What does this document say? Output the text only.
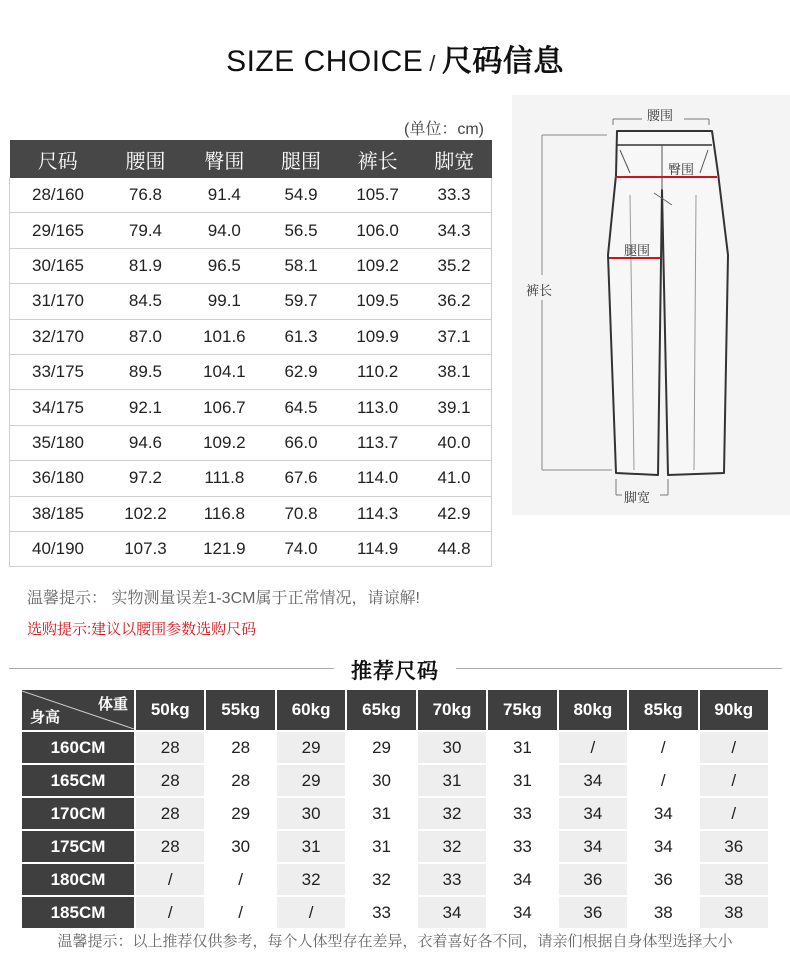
SIZE CHOICE / 尺码信息
(单位：cm)
尺码	腰围	臀围	腿围	裤长	脚宽
28/160	76.8	91.4	54.9	105.7	33.3
29/165	79.4	94.0	56.5	106.0	34.3
30/165	81.9	96.5	58.1	109.2	35.2
31/170	84.5	99.1	59.7	109.5	36.2
32/170	87.0	101.6	61.3	109.9	37.1
33/175	89.5	104.1	62.9	110.2	38.1
34/175	92.1	106.7	64.5	113.0	39.1
35/180	94.6	109.2	66.0	113.7	40.0
36/180	97.2	111.8	67.6	114.0	41.0
38/185	102.2	116.8	70.8	114.3	42.9
40/190	107.3	121.9	74.0	114.9	44.8
腰围
臀围
腿围
裤长
脚宽
温馨提示： 实物测量误差1-3CM属于正常情况，请谅解!
选购提示:建议以腰围参数选购尺码
推荐尺码
体重
身高	50kg	55kg	60kg	65kg	70kg	75kg	80kg	85kg	90kg
160CM	28	28	29	29	30	31	/	/	/
165CM	28	28	29	30	31	31	34	/	/
170CM	28	29	30	31	32	33	34	34	/
175CM	28	30	31	31	32	33	34	34	36
180CM	/	/	32	32	33	34	36	36	38
185CM	/	/	/	33	34	34	36	38	38
温馨提示：以上推荐仅供参考，每个人体型存在差异，衣着喜好各不同，请亲们根据自身体型选择大小
